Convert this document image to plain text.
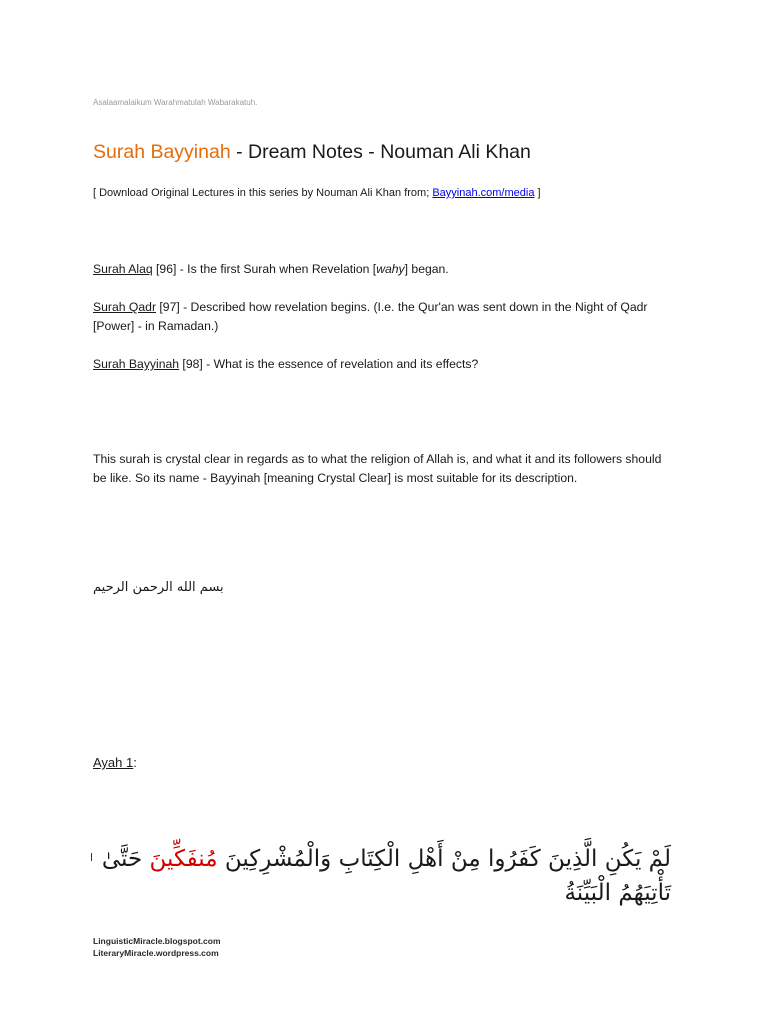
Asalaamalaikum Warahmatulah Wabarakatuh.
Surah Bayyinah - Dream Notes - Nouman Ali Khan
[ Download Original Lectures in this series by Nouman Ali Khan from; Bayyinah.com/media ]
Surah Alaq [96] - Is the first Surah when Revelation [wahy] began.
Surah Qadr [97] - Described how revelation begins. (I.e. the Qur'an was sent down in the Night of Qadr [Power] - in Ramadan.)
Surah Bayyinah [98] - What is the essence of revelation and its effects?
This surah is crystal clear in regards as to what the religion of Allah is, and what it and its followers should be like. So its name - Bayyinah [meaning Crystal Clear] is most suitable for its description.
بسم الله الرحمن الرحيم
Ayah 1:
لَمْ يَكُنِ الَّذِينَ كَفَرُوا مِنْ أَهْلِ الْكِتَابِ وَالْمُشْرِكِينَ مُنفَكِّينَ حَتَّىٰ تَأْتِيَهُمُ الْبَيِّنَةُ
LinguisticMiracle.blogspot.com
LiteraryMiracle.wordpress.com
